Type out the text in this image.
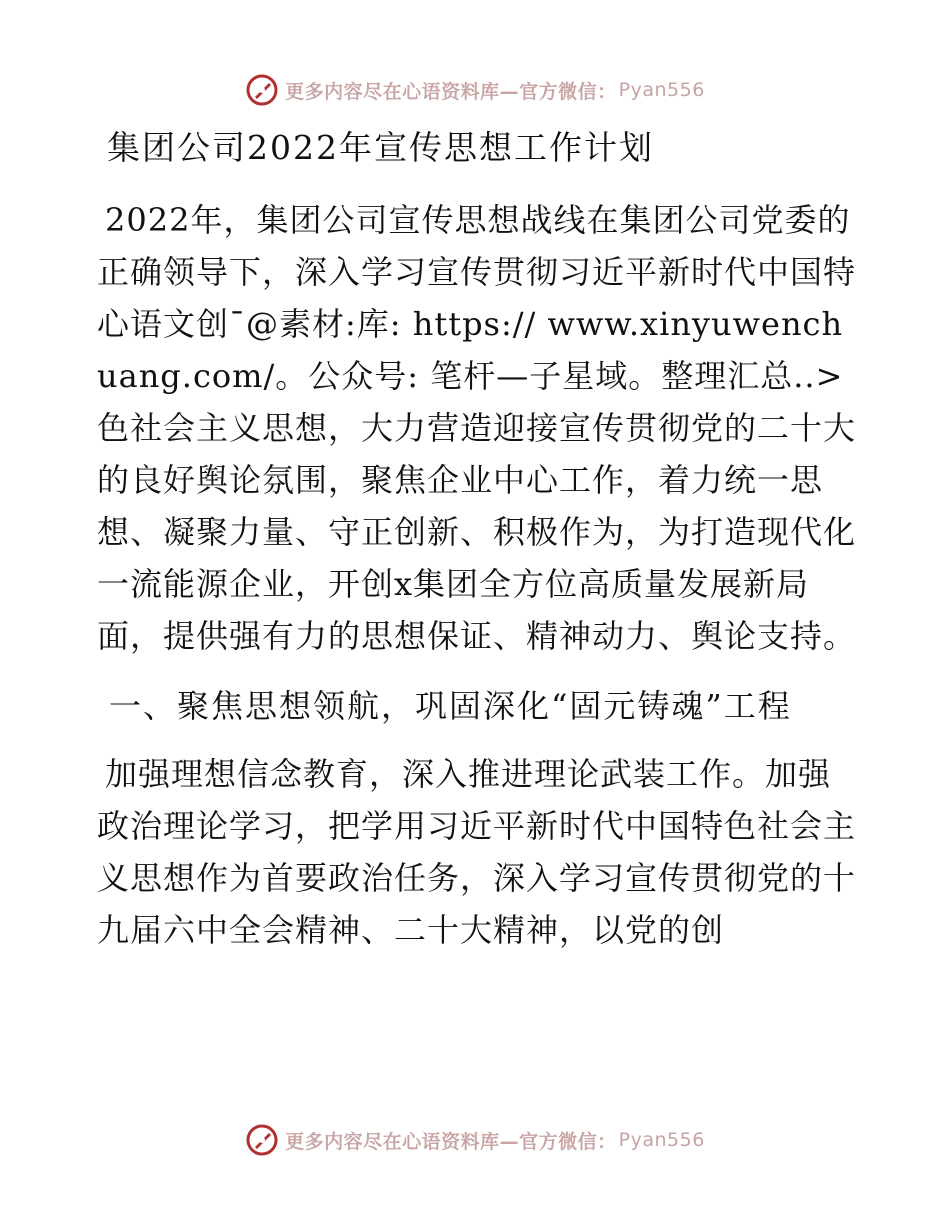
更多内容尽在心语资料库—官方微信： Pyan556
集团公司2022年宣传思想工作计划

2022年，集团公司宣传思想战线在集团公司党委的正确领导下，深入学习宣传贯彻习近平新时代中国特心语文创¯@素材:库: https:// www.xinyuwenchuang.com/。公众号: 笔杆—子星域。整理汇总..>色社会主义思想，大力营造迎接宣传贯彻党的二十大的良好舆论氛围，聚焦企业中心工作，着力统一思想、凝聚力量、守正创新、积极作为，为打造现代化一流能源企业，开创x集团全方位高质量发展新局面，提供强有力的思想保证、精神动力、舆论支持。

一、聚焦思想领航，巩固深化“固元铸魂”工程

加强理想信念教育，深入推进理论武装工作。加强政治理论学习，把学用习近平新时代中国特色社会主义思想作为首要政治任务，深入学习宣传贯彻党的十九届六中全会精神、二十大精神，以党的创

更多内容尽在心语资料库—官方微信： Pyan556
